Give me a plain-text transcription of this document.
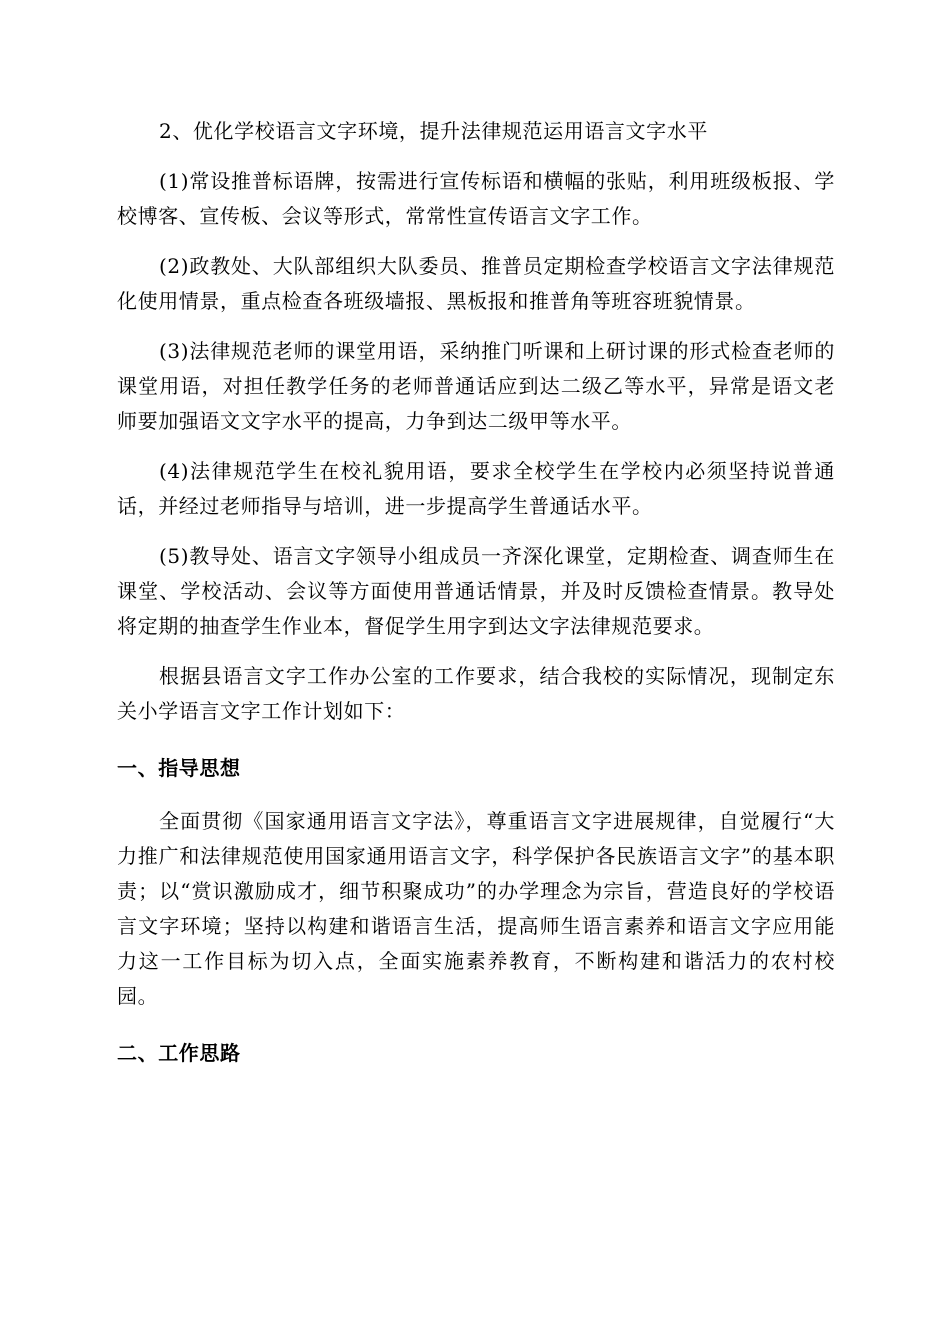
2、优化学校语言文字环境，提升法律规范运用语言文字水平

(1)常设推普标语牌，按需进行宣传标语和横幅的张贴，利用班级板报、学校博客、宣传板、会议等形式，常常性宣传语言文字工作。

(2)政教处、大队部组织大队委员、推普员定期检查学校语言文字法律规范化使用情景，重点检查各班级墙报、黑板报和推普角等班容班貌情景。

(3)法律规范老师的课堂用语，采纳推门听课和上研讨课的形式检查老师的课堂用语，对担任教学任务的老师普通话应到达二级乙等水平，异常是语文老师要加强语文文字水平的提高，力争到达二级甲等水平。

(4)法律规范学生在校礼貌用语，要求全校学生在学校内必须坚持说普通话，并经过老师指导与培训，进一步提高学生普通话水平。

(5)教导处、语言文字领导小组成员一齐深化课堂，定期检查、调查师生在课堂、学校活动、会议等方面使用普通话情景，并及时反馈检查情景。教导处将定期的抽查学生作业本，督促学生用字到达文字法律规范要求。

根据县语言文字工作办公室的工作要求，结合我校的实际情况，现制定东关小学语言文字工作计划如下：

一、指导思想

全面贯彻《国家通用语言文字法》，尊重语言文字进展规律，自觉履行“大力推广和法律规范使用国家通用语言文字，科学保护各民族语言文字”的基本职责；以“赏识激励成才，细节积聚成功”的办学理念为宗旨，营造良好的学校语言文字环境；坚持以构建和谐语言生活，提高师生语言素养和语言文字应用能力这一工作目标为切入点，全面实施素养教育，不断构建和谐活力的农村校园。

二、工作思路
